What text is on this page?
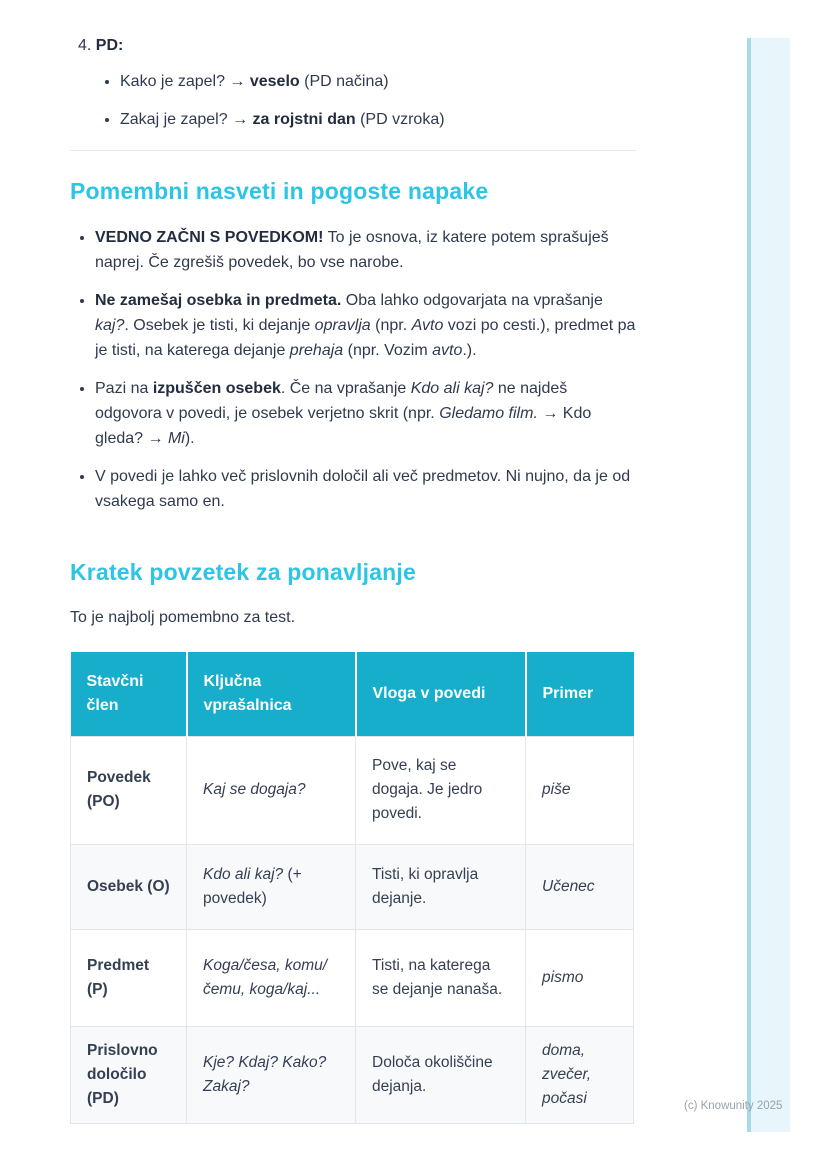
4. PD:
• Kako je zapel? → veselo (PD načina)
• Zakaj je zapel? → za rojstni dan (PD vzroka)
Pomembni nasveti in pogoste napake
• VEDNO ZAČNI S POVEDKOM! To je osnova, iz katere potem sprašuješ naprej. Če zgrešiš povedek, bo vse narobe.
• Ne zamešaj osebka in predmeta. Oba lahko odgovarjata na vprašanje kaj?. Osebek je tisti, ki dejanje opravlja (npr. Avto vozi po cesti.), predmet pa je tisti, na katerega dejanje prehaja (npr. Vozim avto.).
• Pazi na izpuščen osebek. Če na vprašanje Kdo ali kaj? ne najdeš odgovora v povedi, je osebek verjetno skrit (npr. Gledamo film. → Kdo gleda? → Mi).
• V povedi je lahko več prislovnih določil ali več predmetov. Ni nujno, da je od vsakega samo en.
Kratek povzetek za ponavljanje

To je najbolj pomembno za test.

Stavčni člen	Ključna vprašalnica	Vloga v povedi	Primer
Povedek (PO)	Kaj se dogaja?	Pove, kaj se dogaja. Je jedro povedi.	piše
Osebek (O)	Kdo ali kaj? (+ povedek)	Tisti, ki opravlja dejanje.	Učenec
Predmet (P)	Koga/česa, komu/čemu, koga/kaj...	Tisti, na katerega se dejanje nanaša.	pismo
Prislovno določilo (PD)	Kje? Kdaj? Kako? Zakaj?	Določa okoliščine dejanja.	doma, zvečer, počasi	(c) Knowunity 2025
